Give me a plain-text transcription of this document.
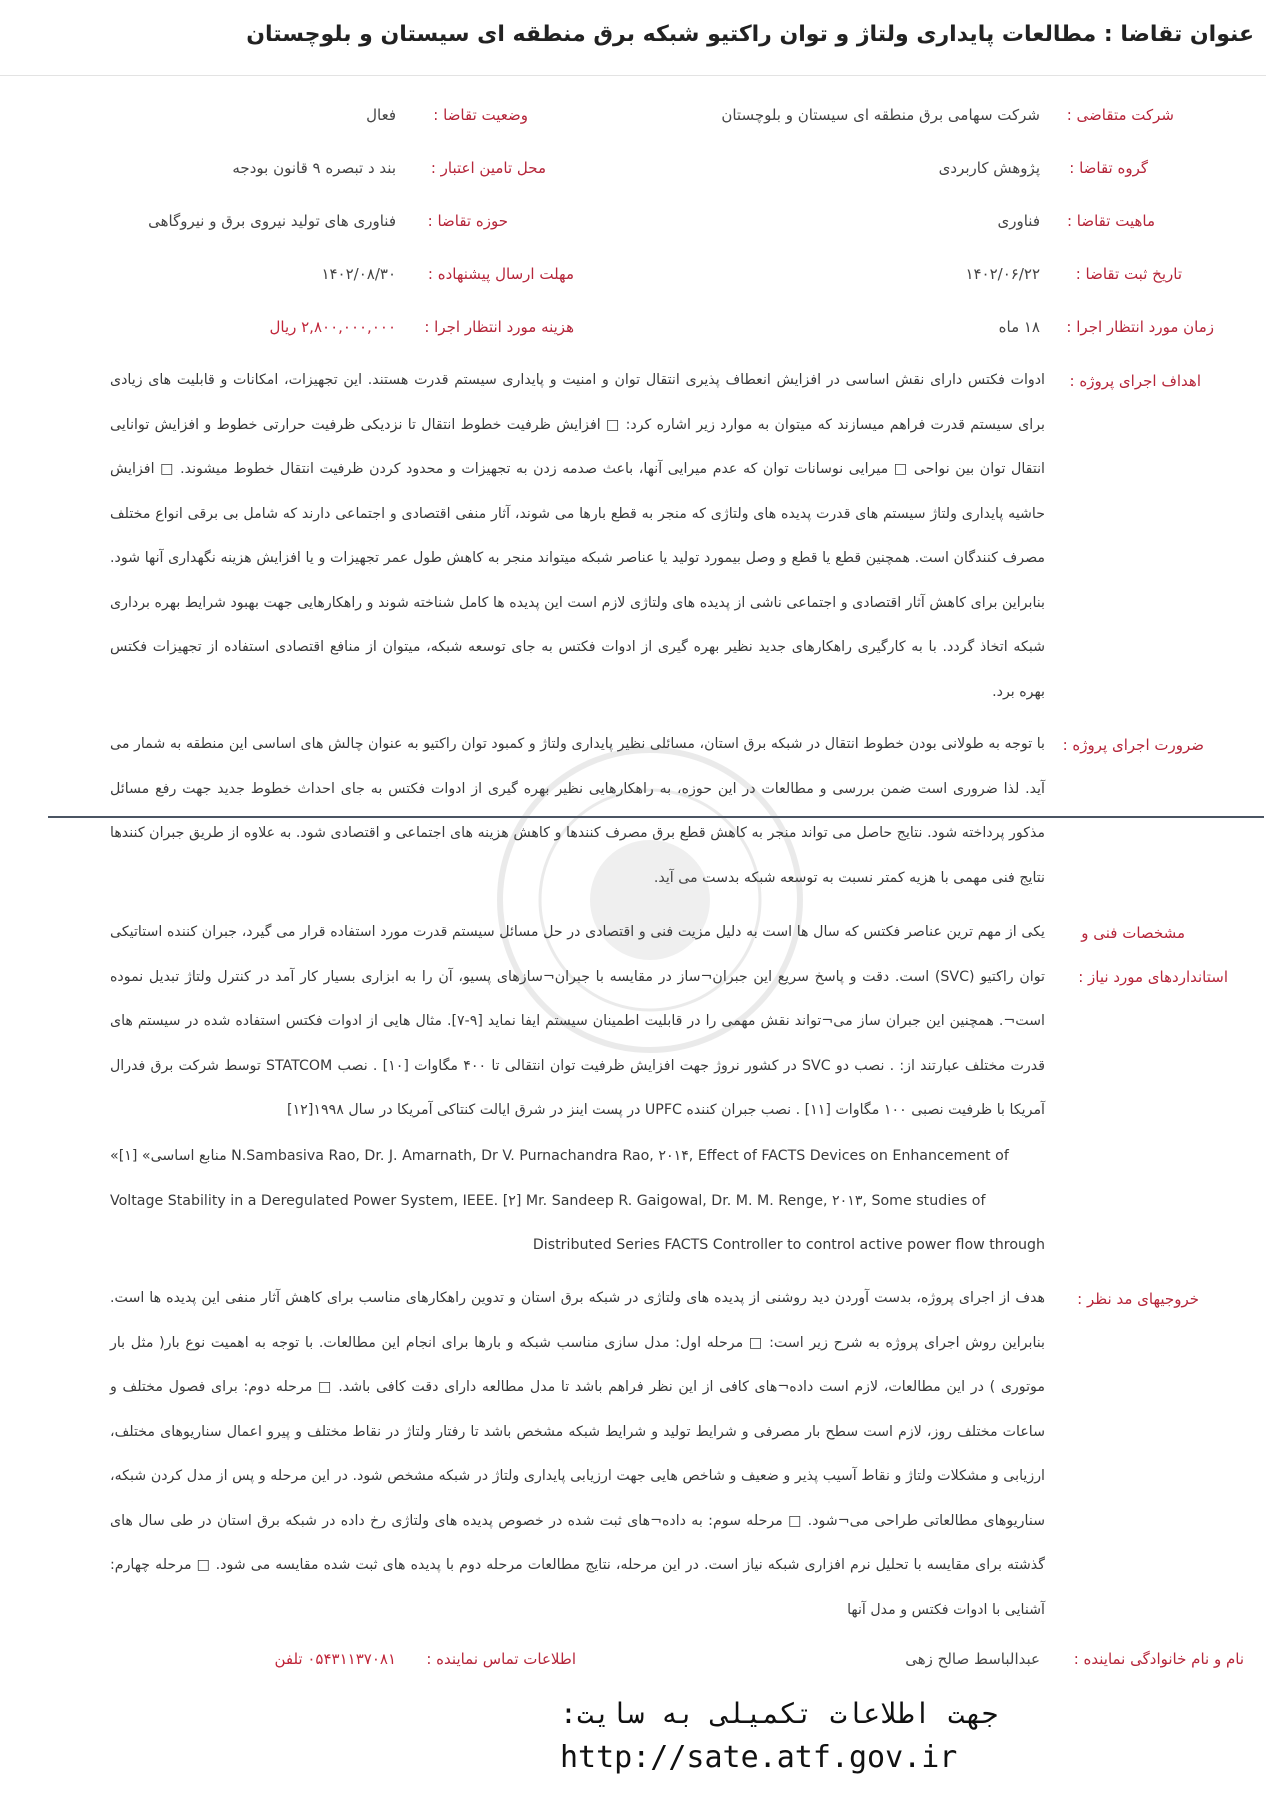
عنوان تقاضا : مطالعات پایداری ولتاژ و توان راکتیو شبکه برق منطقه ای سیستان و بلوچستان
شرکت متقاضی :
شرکت سهامی برق منطقه ای سیستان و بلوچستان
وضعیت تقاضا :
فعال
گروه تقاضا :
پژوهش کاربردی
محل تامین اعتبار :
بند د تبصره ۹ قانون بودجه
ماهیت تقاضا :
فناوری
حوزه تقاضا :
فناوری های تولید نیروی برق و نیروگاهی
تاریخ ثبت تقاضا :
۱۴۰۲/۰۶/۲۲
مهلت ارسال پیشنهاده :
۱۴۰۲/۰۸/۳۰
زمان مورد انتظار اجرا :
۱۸ ماه
هزینه مورد انتظار اجرا :
۲,۸۰۰,۰۰۰,۰۰۰ ریال
اهداف اجرای پروژه :
ادوات فکتس دارای نقش اساسی در افزایش انعطاف پذیری انتقال توان و امنیت و پایداری سیستم قدرت هستند. این تجهیزات، امکانات و قابلیت های زیادی برای سیستم قدرت فراهم میسازند که میتوان به موارد زیر اشاره کرد: □ افزایش ظرفیت خطوط انتقال تا نزدیکی ظرفیت حرارتی خطوط و افزایش توانایی انتقال توان بین نواحی □ میرایی نوسانات توان که عدم میرایی آنها، باعث صدمه زدن به تجهیزات و محدود کردن ظرفیت انتقال خطوط میشوند. □ افزایش حاشیه پایداری ولتاژ سیستم های قدرت پدیده های ولتاژی که منجر به قطع بارها می شوند، آثار منفی اقتصادی و اجتماعی دارند که شامل بی برقی انواع مختلف مصرف کنندگان است. همچنین قطع یا قطع و وصل بیمورد تولید یا عناصر شبکه میتواند منجر به کاهش طول عمر تجهیزات و یا افزایش هزینه نگهداری آنها شود. بنابراین برای کاهش آثار اقتصادی و اجتماعی ناشی از پدیده های ولتاژی لازم است این پدیده ها کامل شناخته شوند و راهکارهایی جهت بهبود شرایط بهره برداری شبکه اتخاذ گردد. با به کارگیری راهکارهای جدید نظیر بهره گیری از ادوات فکتس به جای توسعه شبکه، میتوان از منافع اقتصادی استفاده از تجهیزات فکتس بهره برد.
ضرورت اجرای پروژه :
با توجه به طولانی بودن خطوط انتقال در شبکه برق استان، مسائلی نظیر پایداری ولتاژ و کمبود توان راکتیو به عنوان چالش های اساسی این منطقه به شمار می آید. لذا ضروری است ضمن بررسی و مطالعات در این حوزه، به راهکارهایی نظیر بهره گیری از ادوات فکتس به جای احداث خطوط جدید جهت رفع مسائل مذکور پرداخته شود. نتایج حاصل می تواند منجر به کاهش قطع برق مصرف کنندها و کاهش هزینه های اجتماعی و اقتصادی شود. به علاوه از طریق جبران کنندها نتایج فنی مهمی با هزیه کمتر نسبت به توسعه شبکه بدست می آید.
مشخصات فنی و
استانداردهای مورد نیاز :
یکی از مهم ترین عناصر فکتس که سال ها است به دلیل مزیت فنی و اقتصادی در حل مسائل سیستم قدرت مورد استفاده قرار می گیرد، جبران کننده استاتیکی توان راکتیو (SVC) است. دقت و پاسخ سریع این جبران¬ساز در مقایسه با جبران¬سازهای پسیو، آن را به ابزاری بسیار کار آمد در کنترل ولتاژ تبدیل نموده است¬. همچنین این جبران ساز می¬تواند نقش مهمی را در قابلیت اطمینان سیستم ایفا نماید [۹-۷]. مثال هایی از ادوات فکتس استفاده شده در سیستم های قدرت مختلف عبارتند از: . نصب دو SVC در کشور نروژ جهت افزایش ظرفیت توان انتقالی تا ۴۰۰ مگاوات [۱۰] . نصب STATCOM توسط شرکت برق فدرال آمریکا با ظرفیت نصبی ۱۰۰ مگاوات [۱۱] . نصب جبران کننده UPFC در پست اینز در شرق ایالت کنتاکی آمریکا در سال ۱۹۹۸[۱۲]
«منابع اساسی» [۱] N.Sambasiva Rao, Dr. J. Amarnath, Dr V. Purnachandra Rao, ۲۰۱۴, Effect of FACTS Devices on Enhancement of
Voltage Stability in a Deregulated Power System, IEEE. [۲] Mr. Sandeep R. Gaigowal, Dr. M. M. Renge, ۲۰۱۳, Some studies of
Distributed Series FACTS Controller to control active power flow through
خروجیهای مد نظر :
هدف از اجرای پروژه، بدست آوردن دید روشنی از پدیده های ولتاژی در شبکه برق استان و تدوین راهکارهای مناسب برای کاهش آثار منفی این پدیده ها است. بنابراین روش اجرای پروژه به شرح زیر است: □ مرحله اول: مدل سازی مناسب شبکه و بارها برای انجام این مطالعات. با توجه به اهمیت نوع بار( مثل بار موتوری ) در این مطالعات، لازم است داده¬های کافی از این نظر فراهم باشد تا مدل مطالعه دارای دقت کافی باشد. □ مرحله دوم: برای فصول مختلف و ساعات مختلف روز، لازم است سطح بار مصرفی و شرایط تولید و شرایط شبکه مشخص باشد تا رفتار ولتاژ در نقاط مختلف و پیرو اعمال سناریوهای مختلف، ارزیابی و مشکلات ولتاژ و نقاط آسیب پذیر و ضعیف و شاخص هایی جهت ارزیابی پایداری ولتاژ در شبکه مشخص شود. در این مرحله و پس از مدل کردن شبکه، سناریوهای مطالعاتی طراحی می¬شود. □ مرحله سوم: به داده¬های ثبت شده در خصوص پدیده های ولتاژی رخ داده در شبکه برق استان در طی سال های گذشته برای مقایسه با تحلیل نرم افزاری شبکه نیاز است. در این مرحله، نتایج مطالعات مرحله دوم با پدیده های ثبت شده مقایسه می شود. □ مرحله چهارم: آشنایی با ادوات فکتس و مدل آنها
نام و نام خانوادگی نماینده :
عبدالباسط صالح زهی
اطلاعات تماس نماینده :
۰۵۴۳۱۱۳۷۰۸۱ تلفن
جهت اطلاعات تکمیلی به سایت:
http://sate.atf.gov.ir
